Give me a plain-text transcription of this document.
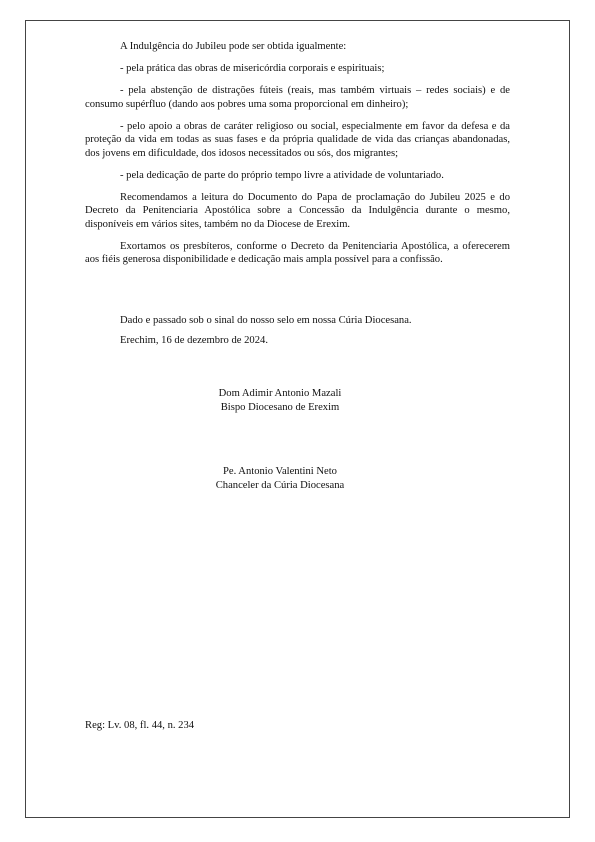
A Indulgência do Jubileu pode ser obtida igualmente:

- pela prática das obras de misericórdia corporais e espirituais;

- pela abstenção de distrações fúteis (reais, mas também virtuais – redes sociais) e de consumo supérfluo (dando aos pobres uma soma proporcional em dinheiro);

- pelo apoio a obras de caráter religioso ou social, especialmente em favor da defesa e da proteção da vida em todas as suas fases e da própria qualidade de vida das crianças abandonadas, dos jovens em dificuldade, dos idosos necessitados ou sós, dos migrantes;

- pela dedicação de parte do próprio tempo livre a atividade de voluntariado.

Recomendamos a leitura do Documento do Papa de proclamação do Jubileu 2025 e do Decreto da Penitenciaria Apostólica sobre a Concessão da Indulgência durante o mesmo, disponíveis em vários sites, também no da Diocese de Erexim.

Exortamos os presbíteros, conforme o Decreto da Penitenciaria Apostólica, a oferecerem aos fiéis generosa disponibilidade e dedicação mais ampla possível para a confissão.

Dado e passado sob o sinal do nosso selo em nossa Cúria Diocesana.
Erechim, 16 de dezembro de 2024.
Dom Adimir Antonio Mazali
Bispo Diocesano de Erexim
Pe. Antonio Valentini Neto
Chanceler da Cúria Diocesana
Reg: Lv. 08, fl. 44, n. 234
